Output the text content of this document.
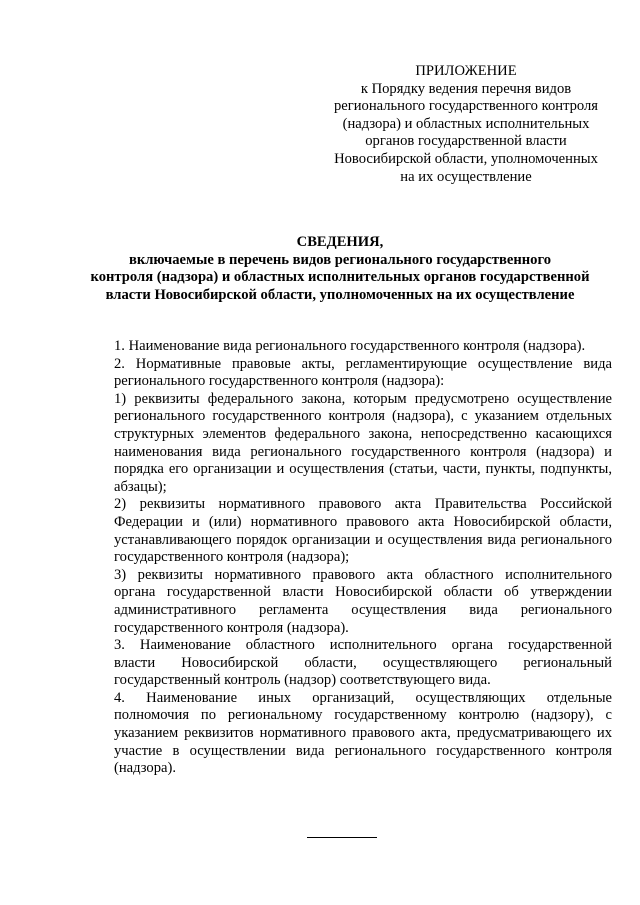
ПРИЛОЖЕНИЕ
к Порядку ведения перечня видов
регионального государственного контроля
(надзора) и областных исполнительных
органов государственной власти
Новосибирской области, уполномоченных
на их осуществление
СВЕДЕНИЯ,
включаемые в перечень видов регионального государственного
контроля (надзора) и областных исполнительных органов государственной
власти Новосибирской области, уполномоченных на их осуществление

1. Наименование вида регионального государственного контроля (надзора).

2. Нормативные правовые акты, регламентирующие осуществление вида
регионального государственного контроля (надзора):

1) реквизиты федерального закона, которым предусмотрено осуществление
регионального государственного контроля (надзора), с указанием отдельных
структурных элементов федерального закона, непосредственно касающихся
наименования вида регионального государственного контроля (надзора) и
порядка его организации и осуществления (статьи, части, пункты, подпункты,
абзацы);

2) реквизиты нормативного правового акта Правительства Российской
Федерации и (или) нормативного правового акта Новосибирской области,
устанавливающего порядок организации и осуществления вида регионального
государственного контроля (надзора);

3) реквизиты нормативного правового акта областного исполнительного
органа государственной власти Новосибирской области об утверждении
административного регламента осуществления вида регионального
государственного контроля (надзора).

3. Наименование областного исполнительного органа государственной
власти Новосибирской области, осуществляющего региональный
государственный контроль (надзор) соответствующего вида.

4. Наименование иных организаций, осуществляющих отдельные
полномочия по региональному государственному контролю (надзору), с
указанием реквизитов нормативного правового акта, предусматривающего их
участие в осуществлении вида регионального государственного контроля
(надзора).
